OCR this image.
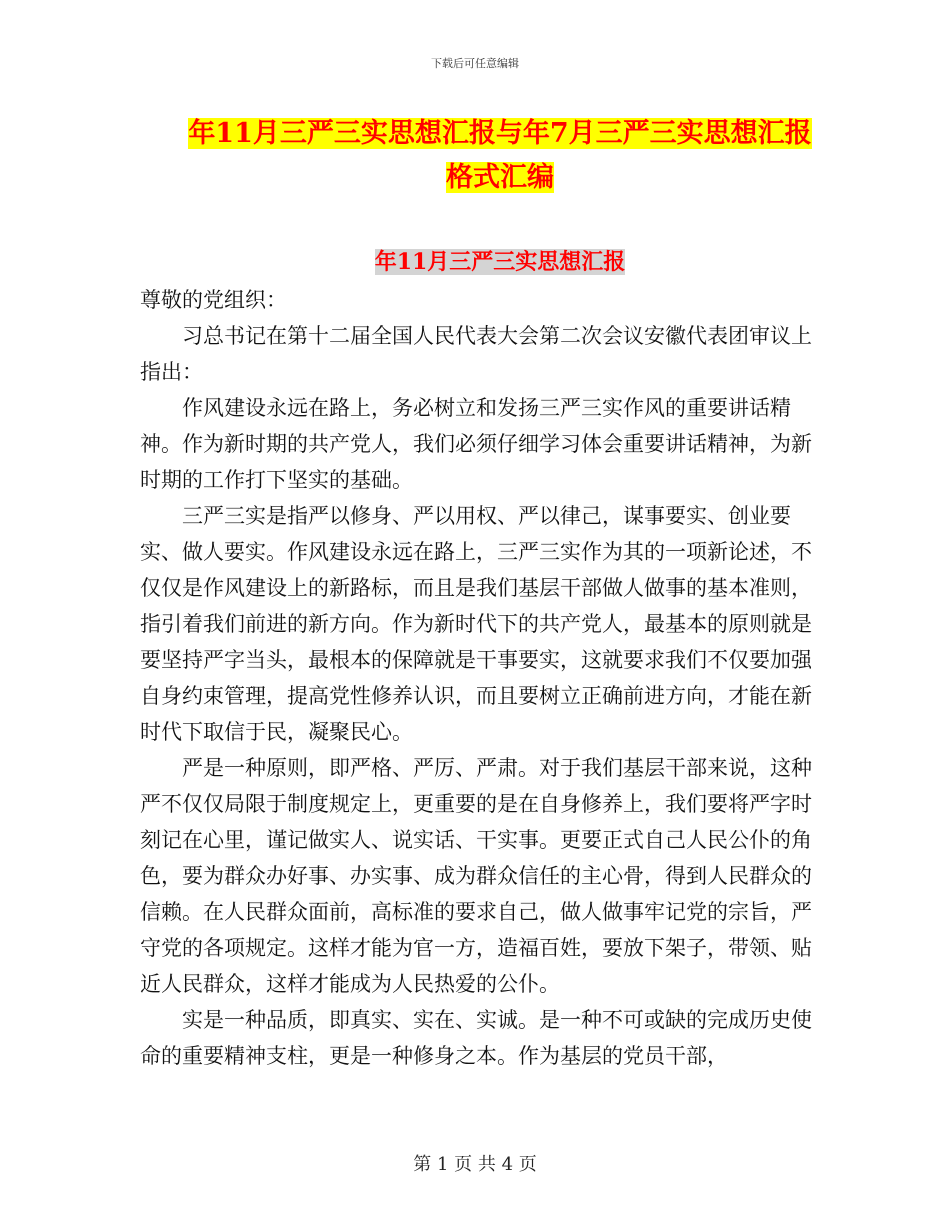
下载后可任意编辑
年11月三严三实思想汇报与年7月三严三实思想汇报
格式汇编
年11月三严三实思想汇报

尊敬的党组织：

习总书记在第十二届全国人民代表大会第二次会议安徽代表团审议上指出：

作风建设永远在路上，务必树立和发扬三严三实作风的重要讲话精神。作为新时期的共产党人，我们必须仔细学习体会重要讲话精神，为新时期的工作打下坚实的基础。

三严三实是指严以修身、严以用权、严以律己，谋事要实、创业要实、做人要实。作风建设永远在路上，三严三实作为其的一项新论述，不仅仅是作风建设上的新路标，而且是我们基层干部做人做事的基本准则，指引着我们前进的新方向。作为新时代下的共产党人，最基本的原则就是要坚持严字当头，最根本的保障就是干事要实，这就要求我们不仅要加强自身约束管理，提高党性修养认识，而且要树立正确前进方向，才能在新时代下取信于民，凝聚民心。

严是一种原则，即严格、严厉、严肃。对于我们基层干部来说，这种严不仅仅局限于制度规定上，更重要的是在自身修养上，我们要将严字时刻记在心里，谨记做实人、说实话、干实事。更要正式自己人民公仆的角色，要为群众办好事、办实事、成为群众信任的主心骨，得到人民群众的信赖。在人民群众面前，高标准的要求自己，做人做事牢记党的宗旨，严守党的各项规定。这样才能为官一方，造福百姓，要放下架子，带领、贴近人民群众，这样才能成为人民热爱的公仆。

实是一种品质，即真实、实在、实诚。是一种不可或缺的完成历史使命的重要精神支柱，更是一种修身之本。作为基层的党员干部，

第 1 页 共 4 页
